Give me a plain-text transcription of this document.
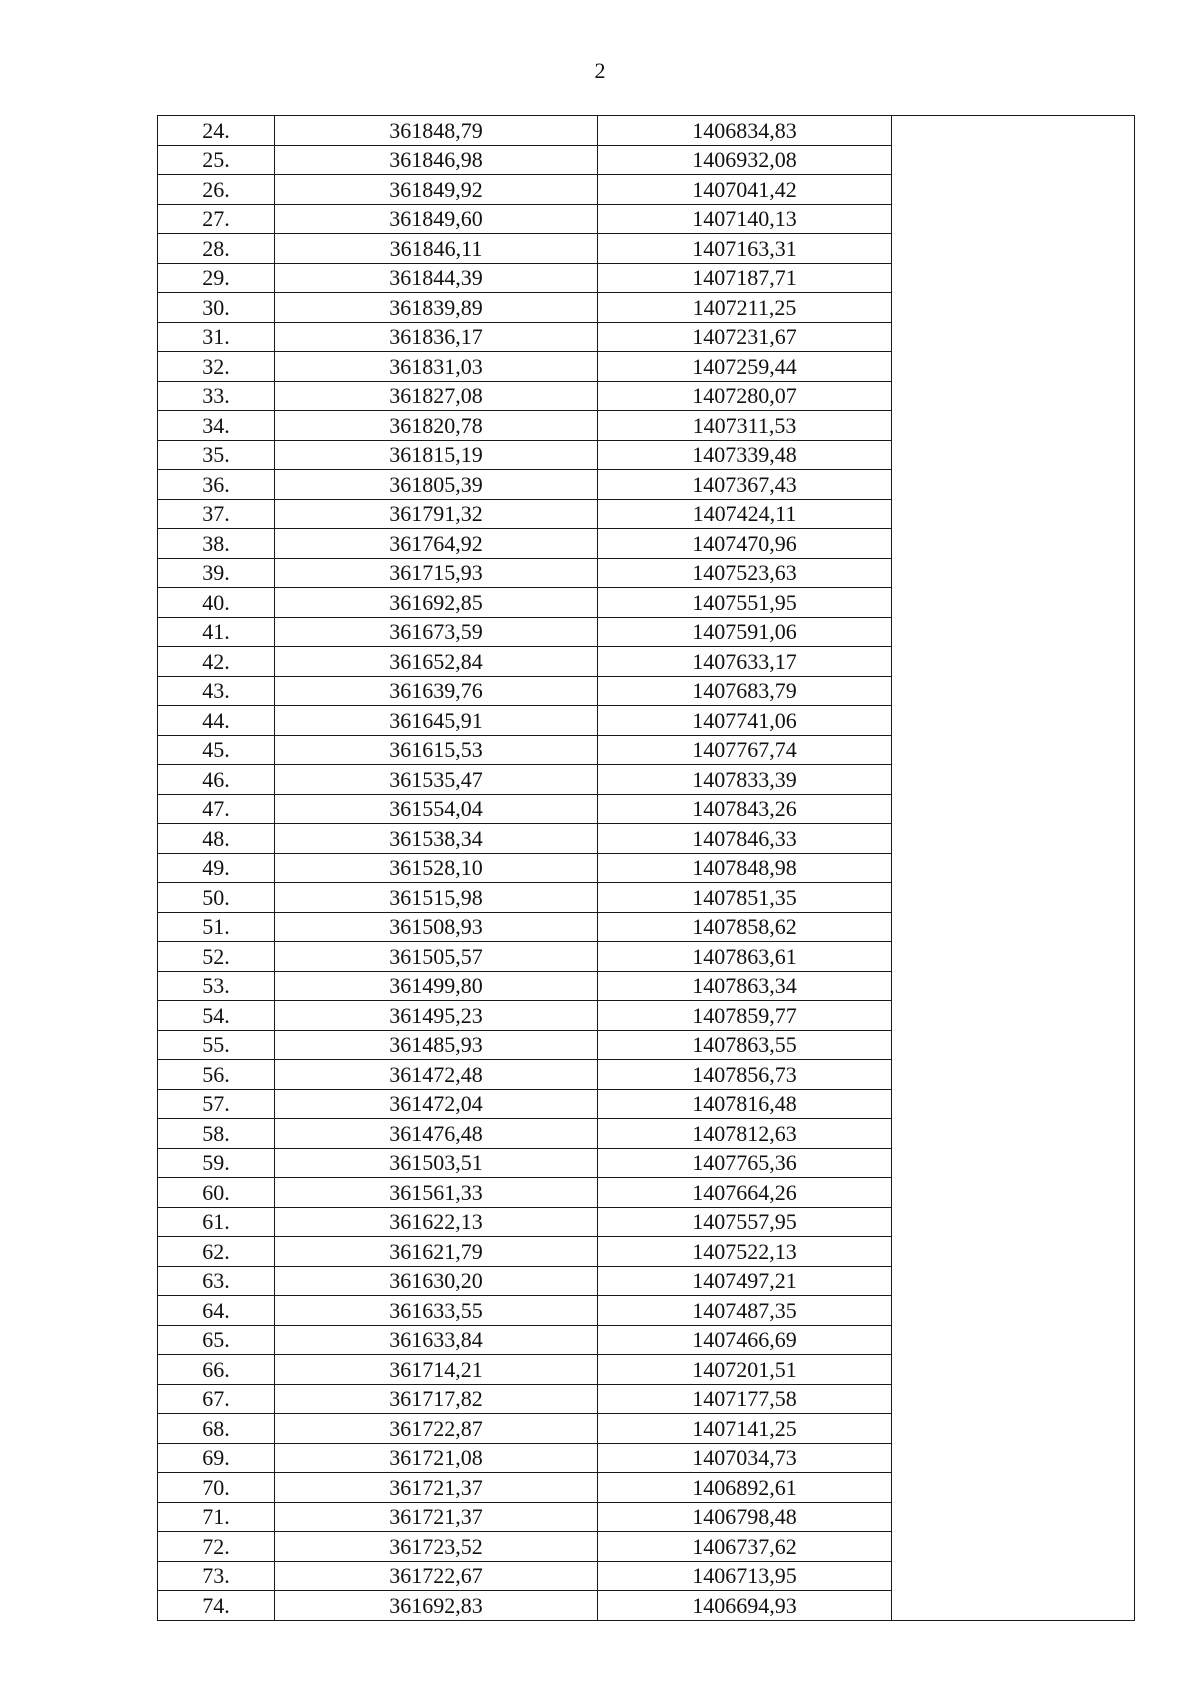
2
24.	361848,79	1406834,83	
25.	361846,98	1406932,08	
26.	361849,92	1407041,42	
27.	361849,60	1407140,13	
28.	361846,11	1407163,31	
29.	361844,39	1407187,71	
30.	361839,89	1407211,25	
31.	361836,17	1407231,67	
32.	361831,03	1407259,44	
33.	361827,08	1407280,07	
34.	361820,78	1407311,53	
35.	361815,19	1407339,48	
36.	361805,39	1407367,43	
37.	361791,32	1407424,11	
38.	361764,92	1407470,96	
39.	361715,93	1407523,63	
40.	361692,85	1407551,95	
41.	361673,59	1407591,06	
42.	361652,84	1407633,17	
43.	361639,76	1407683,79	
44.	361645,91	1407741,06	
45.	361615,53	1407767,74	
46.	361535,47	1407833,39	
47.	361554,04	1407843,26	
48.	361538,34	1407846,33	
49.	361528,10	1407848,98	
50.	361515,98	1407851,35	
51.	361508,93	1407858,62	
52.	361505,57	1407863,61	
53.	361499,80	1407863,34	
54.	361495,23	1407859,77	
55.	361485,93	1407863,55	
56.	361472,48	1407856,73	
57.	361472,04	1407816,48	
58.	361476,48	1407812,63	
59.	361503,51	1407765,36	
60.	361561,33	1407664,26	
61.	361622,13	1407557,95	
62.	361621,79	1407522,13	
63.	361630,20	1407497,21	
64.	361633,55	1407487,35	
65.	361633,84	1407466,69	
66.	361714,21	1407201,51	
67.	361717,82	1407177,58	
68.	361722,87	1407141,25	
69.	361721,08	1407034,73	
70.	361721,37	1406892,61	
71.	361721,37	1406798,48	
72.	361723,52	1406737,62	
73.	361722,67	1406713,95	
74.	361692,83	1406694,93	
